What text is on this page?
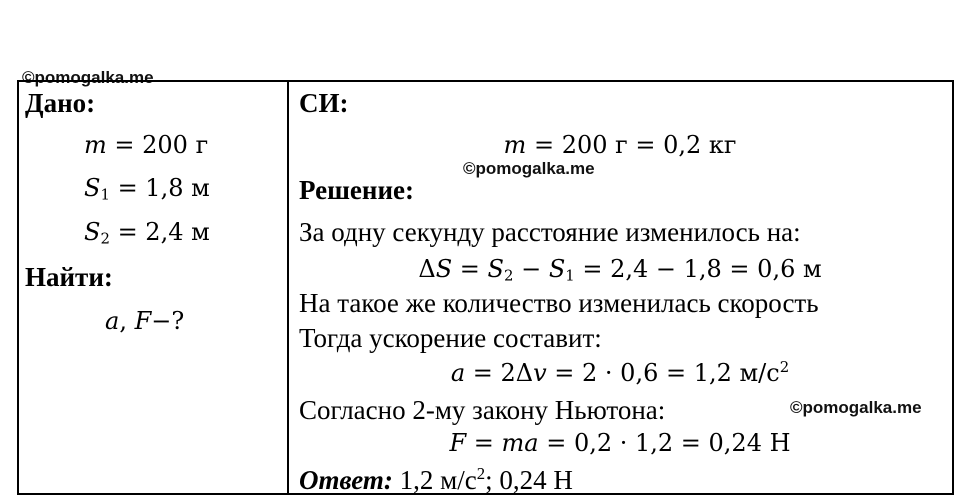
©pomogalka.me
Дано:
m = 200 г
$S_1 = 1,8$ м
$S_2 = 2,4$ м
Найти:
a, F−?
СИ:
m = 200 г = 0,2 кг
©pomogalka.me
Решение:
За одну секунду расстояние изменилось на:
$\Delta S = S_2 - S_1 = 2,4 - 1,8 = 0,6$ м
На такое же количество изменилась скорость
Тогда ускорение составит:
a = 2Δv = 2 · 0,6 = 1,2 $м/с^2$
Согласно 2-му закону Ньютона:	©pomogalka.me
F = ma = 0,2 · 1,2 = 0,24 Н
Ответ: 1,2 $м/с^2$; 0,24 Н
